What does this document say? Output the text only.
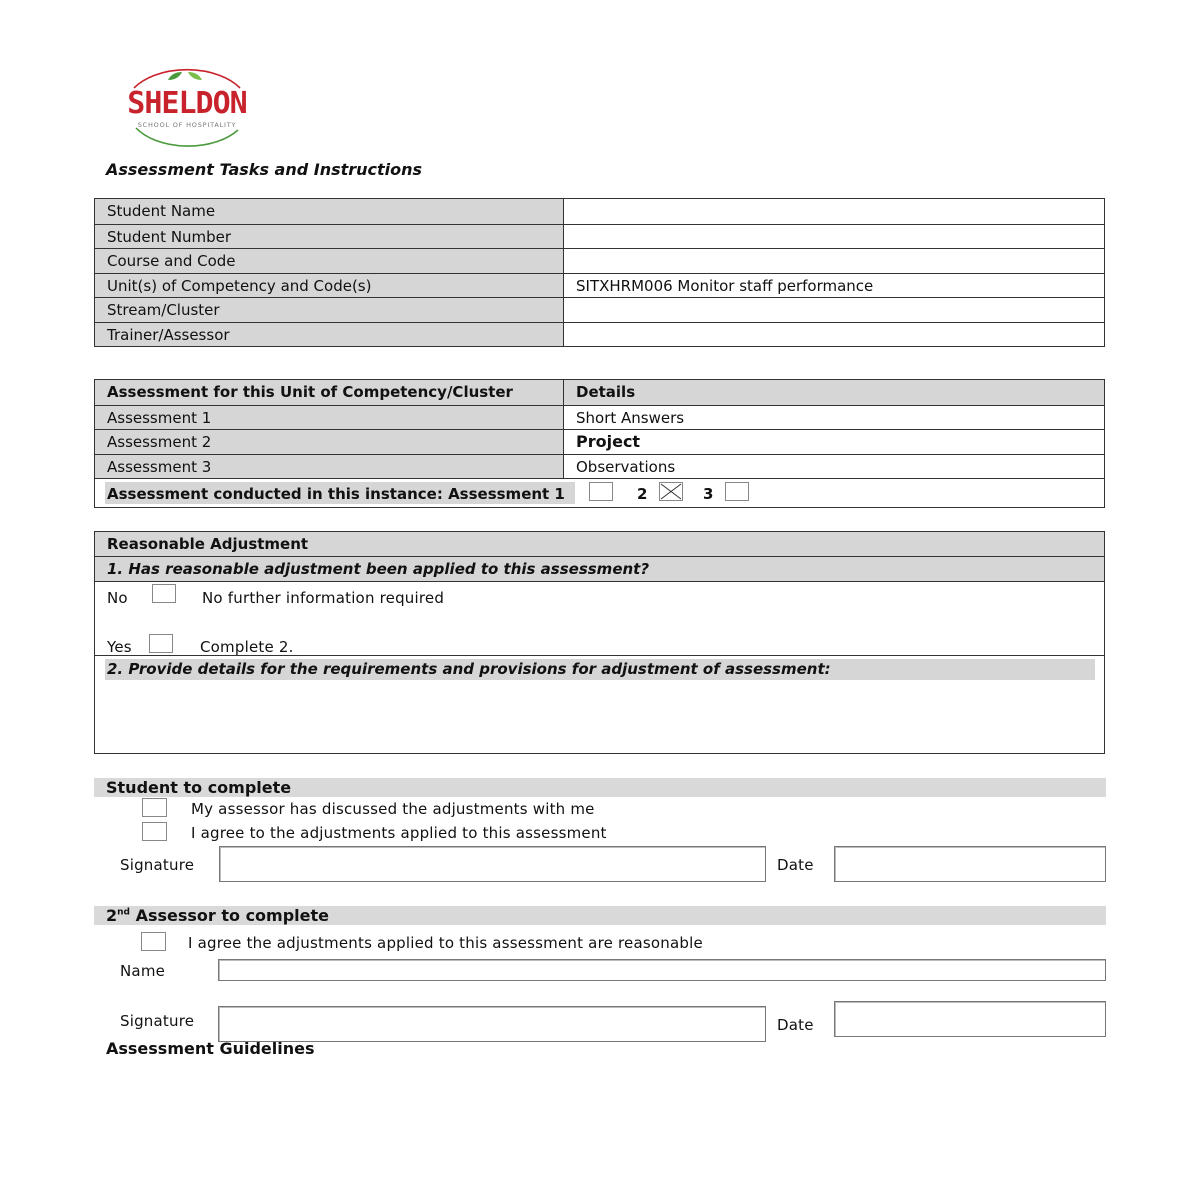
SHELDON
SCHOOL OF HOSPITALITY
Assessment Tasks and Instructions
Student Name
Student Number
Course and Code
Unit(s) of Competency and Code(s)	SITXHRM006 Monitor staff performance
Stream/Cluster
Trainer/Assessor
Assessment for this Unit of Competency/Cluster	Details
Assessment 1	Short Answers
Assessment 2	Project
Assessment 3	Observations
Assessment conducted in this instance: Assessment 1	2	3
Reasonable Adjustment
1. Has reasonable adjustment been applied to this assessment?
No	No further information required
Yes	Complete 2.
2. Provide details for the requirements and provisions for adjustment of assessment:
Student to complete
My assessor has discussed the adjustments with me
I agree to the adjustments applied to this assessment
Signature	Date
2nd Assessor to complete
I agree the adjustments applied to this assessment are reasonable
Name
Signature	Date
Assessment Guidelines
